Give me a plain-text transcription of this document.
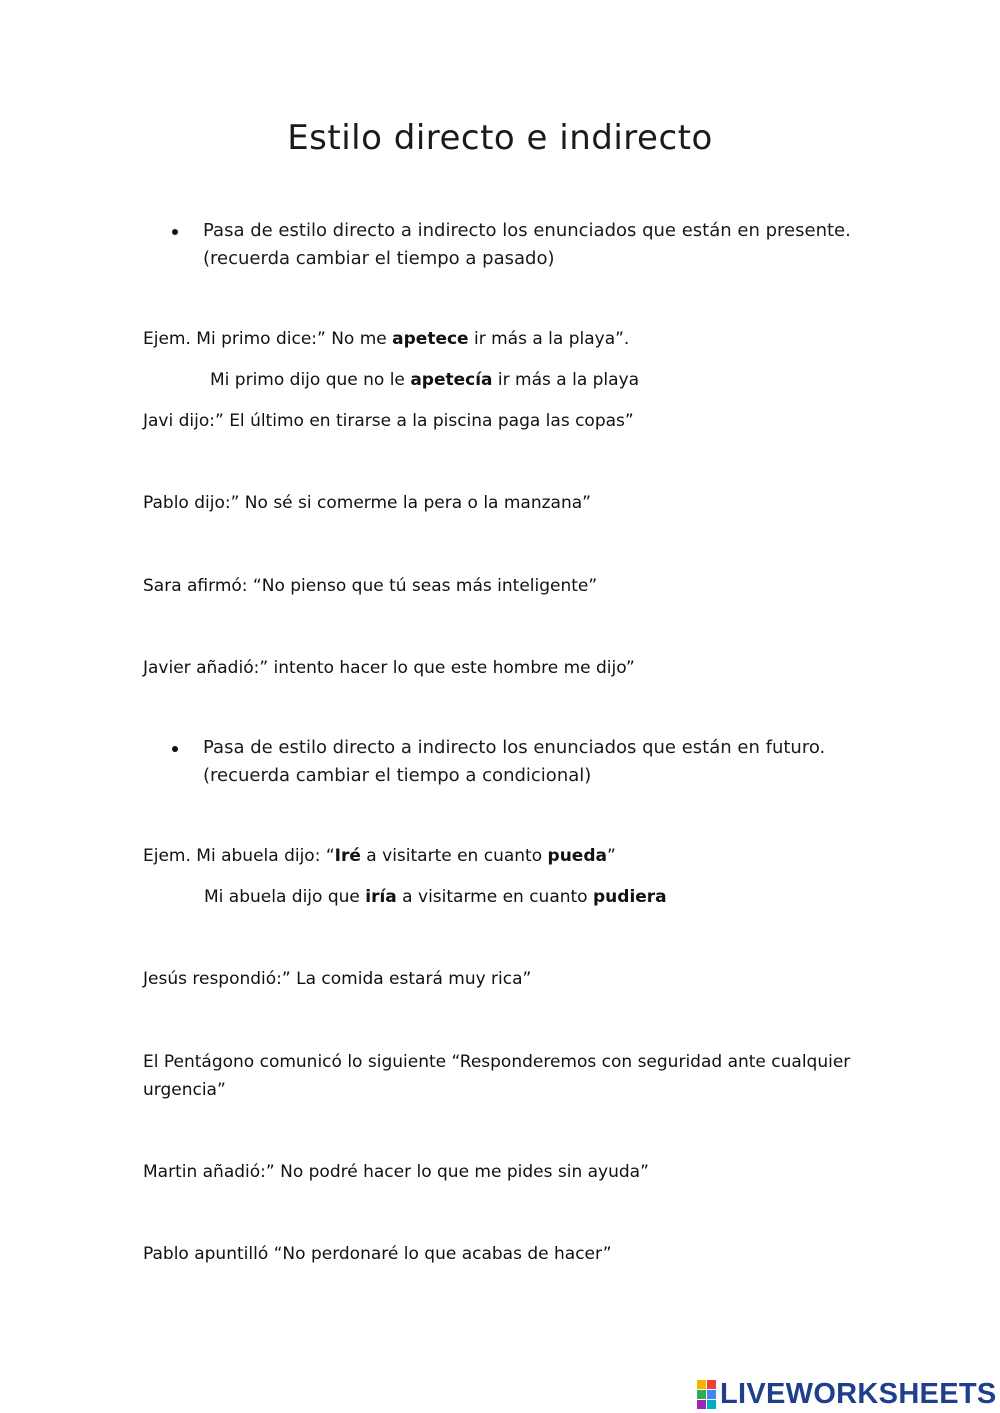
Estilo directo e indirecto
Pasa de estilo directo a indirecto los enunciados que están en presente.
(recuerda cambiar el tiempo a pasado)
Ejem. Mi primo dice:” No me apetece ir más a la playa”.
Mi primo dijo que no le apetecía ir más a la playa
Javi dijo:” El último en tirarse a la piscina paga las copas”
Pablo dijo:” No sé si comerme la pera o la manzana”
Sara afirmó: “No pienso que tú seas más inteligente”
Javier añadió:” intento hacer lo que este hombre me dijo”
Pasa de estilo directo a indirecto los enunciados que están en futuro.
(recuerda cambiar el tiempo a condicional)
Ejem. Mi abuela dijo: “Iré a visitarte en cuanto pueda”
Mi abuela dijo que iría a visitarme en cuanto pudiera
Jesús respondió:” La comida estará muy rica”
El Pentágono comunicó lo siguiente “Responderemos con seguridad ante cualquier
urgencia”
Martin añadió:” No podré hacer lo que me pides sin ayuda”
Pablo apuntilló “No perdonaré lo que acabas de hacer”
LIVEWORKSHEETS
